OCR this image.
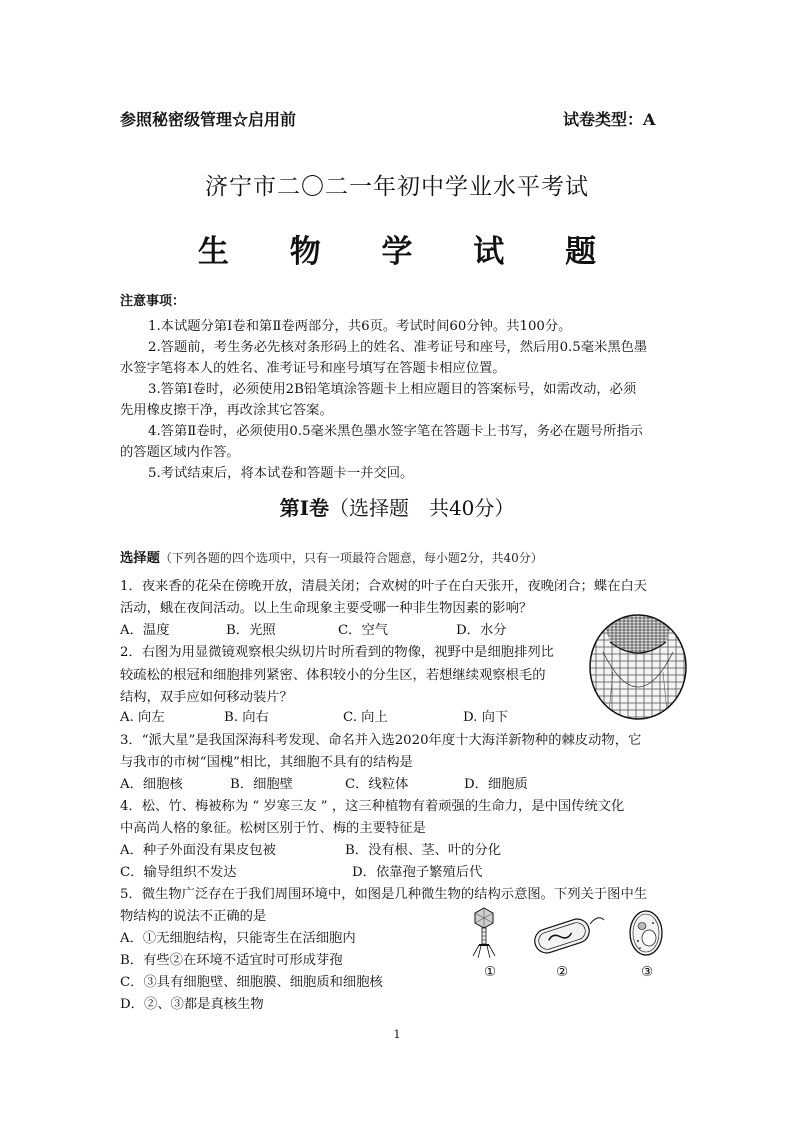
参照秘密级管理☆启用前	试卷类型：A
济宁市二〇二一年初中学业水平考试
生 物 学 试 题
注意事项：
1.本试题分第Ⅰ卷和第Ⅱ卷两部分，共6页。考试时间60分钟。共100分。
2.答题前，考生务必先核对条形码上的姓名、准考证号和座号，然后用0.5毫米黑色墨
水签字笔将本人的姓名、准考证号和座号填写在答题卡相应位置。
3.答第Ⅰ卷时，必须使用2B铅笔填涂答题卡上相应题目的答案标号，如需改动，必须
先用橡皮擦干净，再改涂其它答案。
4.答第Ⅱ卷时，必须使用0.5毫米黑色墨水签字笔在答题卡上书写，务必在题号所指示
的答题区域内作答。
5.考试结束后，将本试卷和答题卡一并交回。
第Ⅰ卷（选择题　共40分）
选择题（下列各题的四个选项中，只有一项最符合题意，每小题2分，共40分）
1．夜来香的花朵在傍晚开放，清晨关闭；合欢树的叶子在白天张开，夜晚闭合；蝶在白天
活动，蛾在夜间活动。以上生命现象主要受哪一种非生物因素的影响？
A．温度	B．光照	C．空气	D．水分
2．右图为用显微镜观察根尖纵切片时所看到的物像，视野中是细胞排列比
较疏松的根冠和细胞排列紧密、体积较小的分生区，若想继续观察根毛的
结构，双手应如何移动装片？
A. 向左	B. 向右	C. 向上	D. 向下
3．“派大星”是我国深海科考发现、命名并入选2020年度十大海洋新物种的棘皮动物，它
与我市的市树“国槐”相比，其细胞不具有的结构是
A．细胞核	B．细胞壁	C．线粒体	D．细胞质
4．松、竹、梅被称为 “ 岁寒三友 ” ，这三种植物有着顽强的生命力，是中国传统文化
中高尚人格的象征。松树区别于竹、梅的主要特征是
A．种子外面没有果皮包被	B．没有根、茎、叶的分化
C．输导组织不发达	D．依靠孢子繁殖后代
5．微生物广泛存在于我们周围环境中，如图是几种微生物的结构示意图。下列关于图中生
物结构的说法不正确的是
A．①无细胞结构，只能寄生在活细胞内
B．有些②在环境不适宜时可形成芽孢
C．③具有细胞壁、细胞膜、细胞质和细胞核
D．②、③都是真核生物
①	②	③
1
